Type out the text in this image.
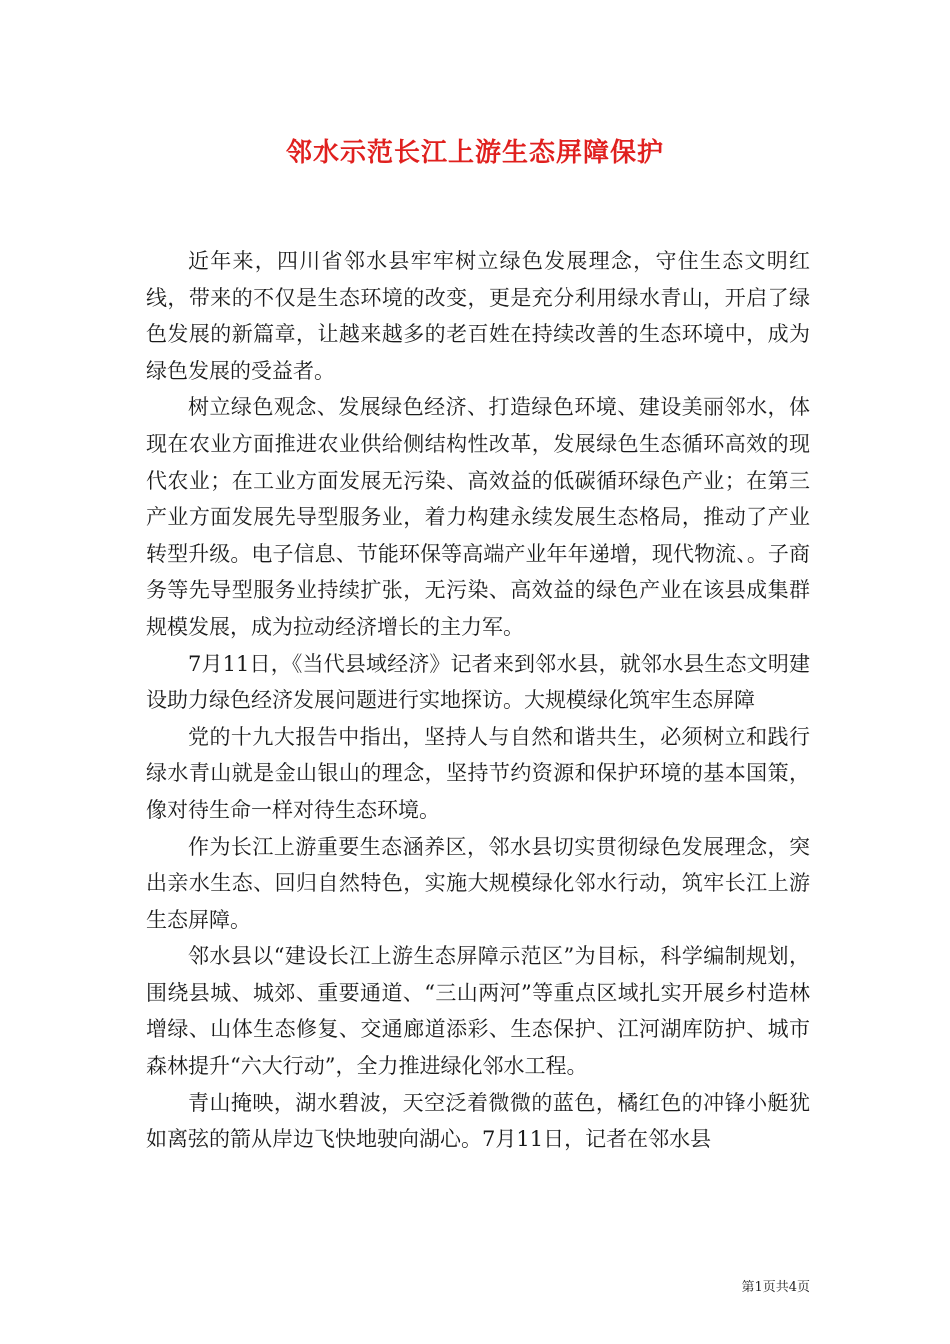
邻水示范长江上游生态屏障保护

近年来，四川省邻水县牢牢树立绿色发展理念，守住生态文明红线，带来的不仅是生态环境的改变，更是充分利用绿水青山，开启了绿色发展的新篇章，让越来越多的老百姓在持续改善的生态环境中，成为绿色发展的受益者。

树立绿色观念、发展绿色经济、打造绿色环境、建设美丽邻水，体现在农业方面推进农业供给侧结构性改革，发展绿色生态循环高效的现代农业；在工业方面发展无污染、高效益的低碳循环绿色产业；在第三产业方面发展先导型服务业，着力构建永续发展生态格局，推动了产业转型升级。电子信息、节能环保等高端产业年年递增，现代物流、。子商务等先导型服务业持续扩张，无污染、高效益的绿色产业在该县成集群规模发展，成为拉动经济增长的主力军。

7月11日，《当代县域经济》记者来到邻水县，就邻水县生态文明建设助力绿色经济发展问题进行实地探访。大规模绿化筑牢生态屏障

党的十九大报告中指出，坚持人与自然和谐共生，必须树立和践行绿水青山就是金山银山的理念，坚持节约资源和保护环境的基本国策，像对待生命一样对待生态环境。

作为长江上游重要生态涵养区，邻水县切实贯彻绿色发展理念，突出亲水生态、回归自然特色，实施大规模绿化邻水行动，筑牢长江上游生态屏障。

邻水县以“建设长江上游生态屏障示范区”为目标，科学编制规划，围绕县城、城郊、重要通道、“三山两河”等重点区域扎实开展乡村造林增绿、山体生态修复、交通廊道添彩、生态保护、江河湖库防护、城市森林提升“六大行动”，全力推进绿化邻水工程。

青山掩映，湖水碧波，天空泛着微微的蓝色，橘红色的冲锋小艇犹如离弦的箭从岸边飞快地驶向湖心。7月11日，记者在邻水县

第1页共4页
